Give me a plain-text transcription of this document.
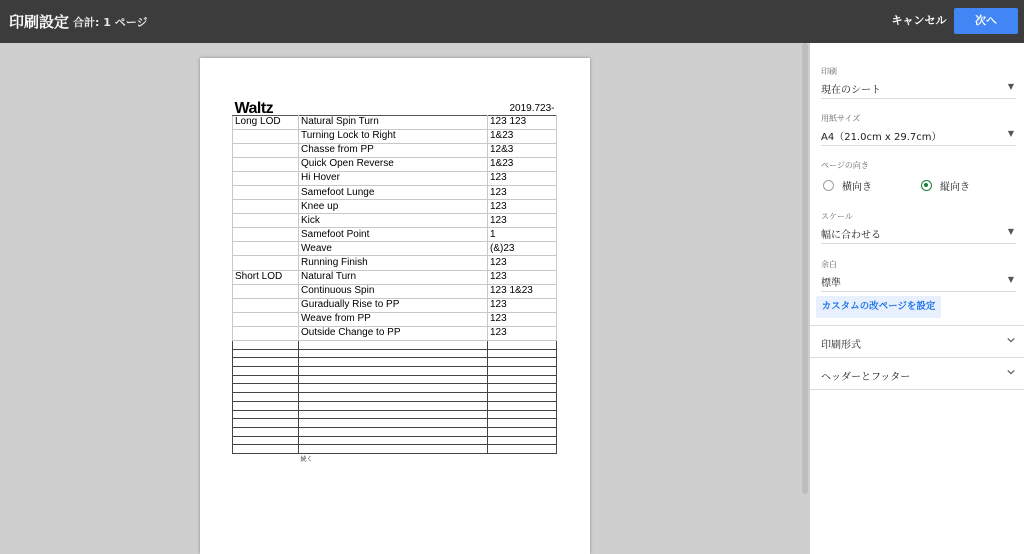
印刷設定 合計: 1 ページ	キャンセル	次へ
Waltz		2019.723-
Long LOD	Natural Spin Turn	123 123
	Turning Lock to Right	1&23
	Chasse from PP	12&3
	Quick Open Reverse	1&23
	Hi Hover	123
	Samefoot Lunge	123
	Knee up	123
	Kick	123
	Samefoot Point	1
	Weave	(&)23
	Running Finish	123
Short LOD	Natural Turn	123
	Continuous Spin	123 1&23
	Guradually Rise to PP	123
	Weave from PP	123
	Outside Change to PP	123

	続く	
印刷
現在のシート	▼
用紙サイズ
A4（21.0cm x 29.7cm）	▼
ページの向き
横向き	縦向き
スケール
幅に合わせる	▼
余白
標準	▼
カスタムの改ページを設定
印刷形式
ヘッダーとフッター
